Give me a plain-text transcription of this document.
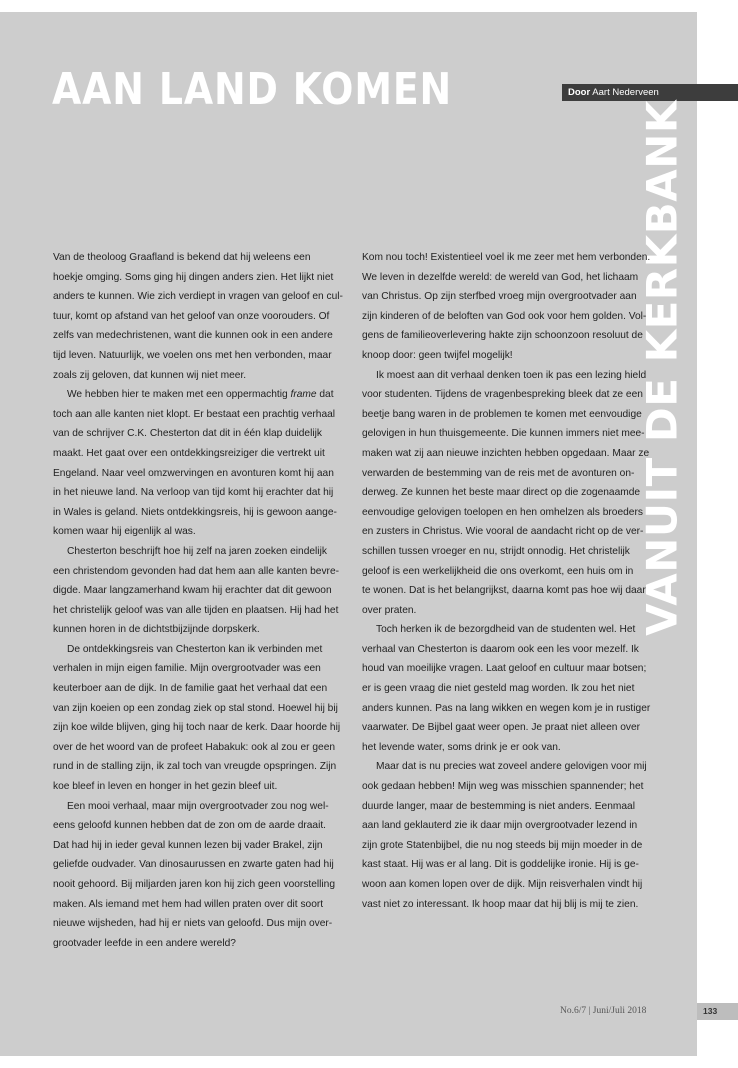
AAN LAND KOMEN	Door Aart Nederveen
VANUIT DE KERKBANK

Van de theoloog Graafland is bekend dat hij weleens een
hoekje omging. Soms ging hij dingen anders zien. Het lijkt niet
anders te kunnen. Wie zich verdiept in vragen van geloof en cul-
tuur, komt op afstand van het geloof van onze voorouders. Of
zelfs van medechristenen, want die kunnen ook in een andere
tijd leven. Natuurlijk, we voelen ons met hen verbonden, maar
zoals zij geloven, dat kunnen wij niet meer.

We hebben hier te maken met een oppermachtig frame dat
toch aan alle kanten niet klopt. Er bestaat een prachtig verhaal
van de schrijver C.K. Chesterton dat dit in één klap duidelijk
maakt. Het gaat over een ontdekkingsreiziger die vertrekt uit
Engeland. Naar veel omzwervingen en avonturen komt hij aan
in het nieuwe land. Na verloop van tijd komt hij erachter dat hij
in Wales is geland. Niets ontdekkingsreis, hij is gewoon aange-
komen waar hij eigenlijk al was.

Chesterton beschrijft hoe hij zelf na jaren zoeken eindelijk
een christendom gevonden had dat hem aan alle kanten bevre-
digde. Maar langzamerhand kwam hij erachter dat dit gewoon
het christelijk geloof was van alle tijden en plaatsen. Hij had het
kunnen horen in de dichtstbijzijnde dorpskerk.

De ontdekkingsreis van Chesterton kan ik verbinden met
verhalen in mijn eigen familie. Mijn overgrootvader was een
keuterboer aan de dijk. In de familie gaat het verhaal dat een
van zijn koeien op een zondag ziek op stal stond. Hoewel hij bij
zijn koe wilde blijven, ging hij toch naar de kerk. Daar hoorde hij
over de het woord van de profeet Habakuk: ook al zou er geen
rund in de stalling zijn, ik zal toch van vreugde opspringen. Zijn
koe bleef in leven en honger in het gezin bleef uit.

Een mooi verhaal, maar mijn overgrootvader zou nog wel-
eens geloofd kunnen hebben dat de zon om de aarde draait.
Dat had hij in ieder geval kunnen lezen bij vader Brakel, zijn
geliefde oudvader. Van dinosaurussen en zwarte gaten had hij
nooit gehoord. Bij miljarden jaren kon hij zich geen voorstelling
maken. Als iemand met hem had willen praten over dit soort
nieuwe wijsheden, had hij er niets van geloofd. Dus mijn over-
grootvader leefde in een andere wereld?

Kom nou toch! Existentieel voel ik me zeer met hem verbonden.
We leven in dezelfde wereld: de wereld van God, het lichaam
van Christus. Op zijn sterfbed vroeg mijn overgrootvader aan
zijn kinderen of de beloften van God ook voor hem golden. Vol-
gens de familieoverlevering hakte zijn schoonzoon resoluut de
knoop door: geen twijfel mogelijk!

Ik moest aan dit verhaal denken toen ik pas een lezing hield
voor studenten. Tijdens de vragenbespreking bleek dat ze een
beetje bang waren in de problemen te komen met eenvoudige
gelovigen in hun thuisgemeente. Die kunnen immers niet mee-
maken wat zij aan nieuwe inzichten hebben opgedaan. Maar ze
verwarden de bestemming van de reis met de avonturen on-
derweg. Ze kunnen het beste maar direct op die zogenaamde
eenvoudige gelovigen toelopen en hen omhelzen als broeders
en zusters in Christus. Wie vooral de aandacht richt op de ver-
schillen tussen vroeger en nu, strijdt onnodig. Het christelijk
geloof is een werkelijkheid die ons overkomt, een huis om in
te wonen. Dat is het belangrijkst, daarna komt pas hoe wij daar
over praten.

Toch herken ik de bezorgdheid van de studenten wel. Het
verhaal van Chesterton is daarom ook een les voor mezelf. Ik
houd van moeilijke vragen. Laat geloof en cultuur maar botsen;
er is geen vraag die niet gesteld mag worden. Ik zou het niet
anders kunnen. Pas na lang wikken en wegen kom je in rustiger
vaarwater. De Bijbel gaat weer open. Je praat niet alleen over
het levende water, soms drink je er ook van.

Maar dat is nu precies wat zoveel andere gelovigen voor mij
ook gedaan hebben! Mijn weg was misschien spannender; het
duurde langer, maar de bestemming is niet anders. Eenmaal
aan land geklauterd zie ik daar mijn overgrootvader lezend in
zijn grote Statenbijbel, die nu nog steeds bij mijn moeder in de
kast staat. Hij was er al lang. Dit is goddelijke ironie. Hij is ge-
woon aan komen lopen over de dijk. Mijn reisverhalen vindt hij
vast niet zo interessant. Ik hoop maar dat hij blij is mij te zien.

No.6/7 | Juni/Juli 2018	133
